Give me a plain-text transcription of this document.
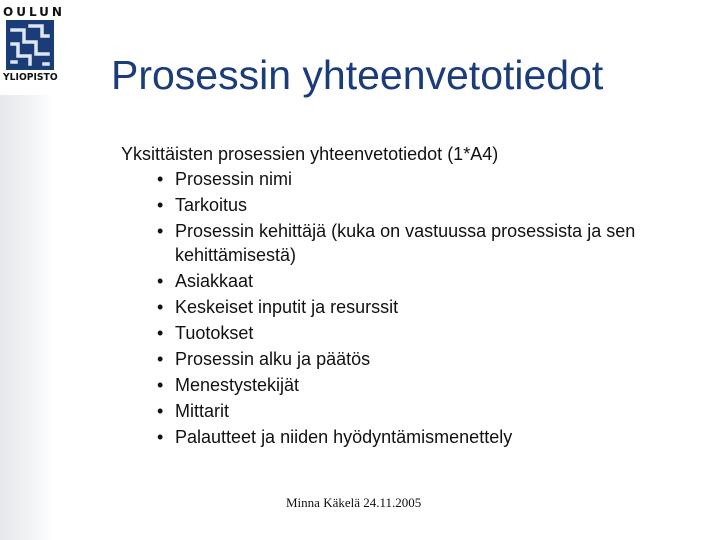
OULUN
YLIOPISTO Prosessin yhteenvetotiedot
Yksittäisten prosessien yhteenvetotiedot (1*A4)
• Prosessin nimi
• Tarkoitus
• Prosessin kehittäjä (kuka on vastuussa prosessista ja sen kehittämisestä)
• Asiakkaat
• Keskeiset inputit ja resurssit
• Tuotokset
• Prosessin alku ja päätös
• Menestystekijät
• Mittarit
• Palautteet ja niiden hyödyntämismenettely
Minna Käkelä 24.11.2005
